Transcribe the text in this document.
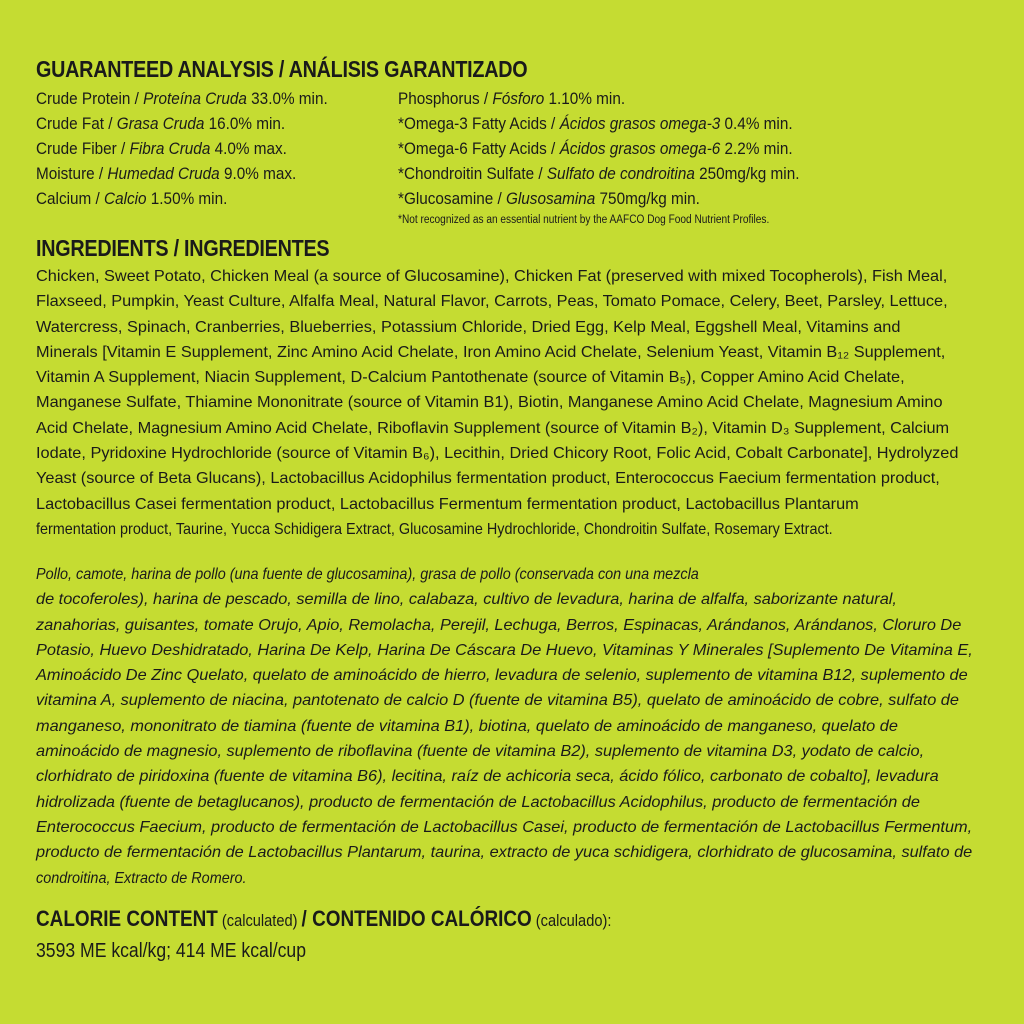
GUARANTEED ANALYSIS / ANÁLISIS GARANTIZADO
Crude Protein / Proteína Cruda 33.0% min.
Crude Fat / Grasa Cruda 16.0% min.
Crude Fiber / Fibra Cruda 4.0% max.
Moisture / Humedad Cruda 9.0% max.
Calcium / Calcio 1.50% min.
Phosphorus / Fósforo 1.10% min.
*Omega-3 Fatty Acids / Ácidos grasos omega-3 0.4% min.
*Omega-6 Fatty Acids / Ácidos grasos omega-6 2.2% min.
*Chondroitin Sulfate / Sulfato de condroitina 250mg/kg min.
*Glucosamine / Glusosamina 750mg/kg min.
*Not recognized as an essential nutrient by the AAFCO Dog Food Nutrient Profiles.
INGREDIENTS / INGREDIENTES
Chicken, Sweet Potato, Chicken Meal (a source of Glucosamine), Chicken Fat (preserved with mixed Tocopherols), Fish Meal,
Flaxseed, Pumpkin, Yeast Culture, Alfalfa Meal, Natural Flavor, Carrots, Peas, Tomato Pomace, Celery, Beet, Parsley, Lettuce,
Watercress, Spinach, Cranberries, Blueberries, Potassium Chloride, Dried Egg, Kelp Meal, Eggshell Meal, Vitamins and
Minerals [Vitamin E Supplement, Zinc Amino Acid Chelate, Iron Amino Acid Chelate, Selenium Yeast, Vitamin B₁₂ Supplement,
Vitamin A Supplement, Niacin Supplement, D-Calcium Pantothenate (source of Vitamin B₅), Copper Amino Acid Chelate,
Manganese Sulfate, Thiamine Mononitrate (source of Vitamin B1), Biotin, Manganese Amino Acid Chelate, Magnesium Amino
Acid Chelate, Magnesium Amino Acid Chelate, Riboflavin Supplement (source of Vitamin B₂), Vitamin D₃ Supplement, Calcium
Iodate, Pyridoxine Hydrochloride (source of Vitamin B₆), Lecithin, Dried Chicory Root, Folic Acid, Cobalt Carbonate], Hydrolyzed
Yeast (source of Beta Glucans), Lactobacillus Acidophilus fermentation product, Enterococcus Faecium fermentation product,
Lactobacillus Casei fermentation product, Lactobacillus Fermentum fermentation product, Lactobacillus Plantarum
fermentation product, Taurine, Yucca Schidigera Extract, Glucosamine Hydrochloride, Chondroitin Sulfate, Rosemary Extract.
Pollo, camote, harina de pollo (una fuente de glucosamina), grasa de pollo (conservada con una mezcla
de tocoferoles), harina de pescado, semilla de lino, calabaza, cultivo de levadura, harina de alfalfa, saborizante natural,
zanahorias, guisantes, tomate Orujo, Apio, Remolacha, Perejil, Lechuga, Berros, Espinacas, Arándanos, Arándanos, Cloruro De
Potasio, Huevo Deshidratado, Harina De Kelp, Harina De Cáscara De Huevo, Vitaminas Y Minerales [Suplemento De Vitamina E,
Aminoácido De Zinc Quelato, quelato de aminoácido de hierro, levadura de selenio, suplemento de vitamina B12, suplemento de
vitamina A, suplemento de niacina, pantotenato de calcio D (fuente de vitamina B5), quelato de aminoácido de cobre, sulfato de
manganeso, mononitrato de tiamina (fuente de vitamina B1), biotina, quelato de aminoácido de manganeso, quelato de
aminoácido de magnesio, suplemento de riboflavina (fuente de vitamina B2), suplemento de vitamina D3, yodato de calcio,
clorhidrato de piridoxina (fuente de vitamina B6), lecitina, raíz de achicoria seca, ácido fólico, carbonato de cobalto], levadura
hidrolizada (fuente de betaglucanos), producto de fermentación de Lactobacillus Acidophilus, producto de fermentación de
Enterococcus Faecium, producto de fermentación de Lactobacillus Casei, producto de fermentación de Lactobacillus Fermentum,
producto de fermentación de Lactobacillus Plantarum, taurina, extracto de yuca schidigera, clorhidrato de glucosamina, sulfato de
condroitina, Extracto de Romero.
CALORIE CONTENT (calculated) / CONTENIDO CALÓRICO (calculado):
3593 ME kcal/kg; 414 ME kcal/cup
